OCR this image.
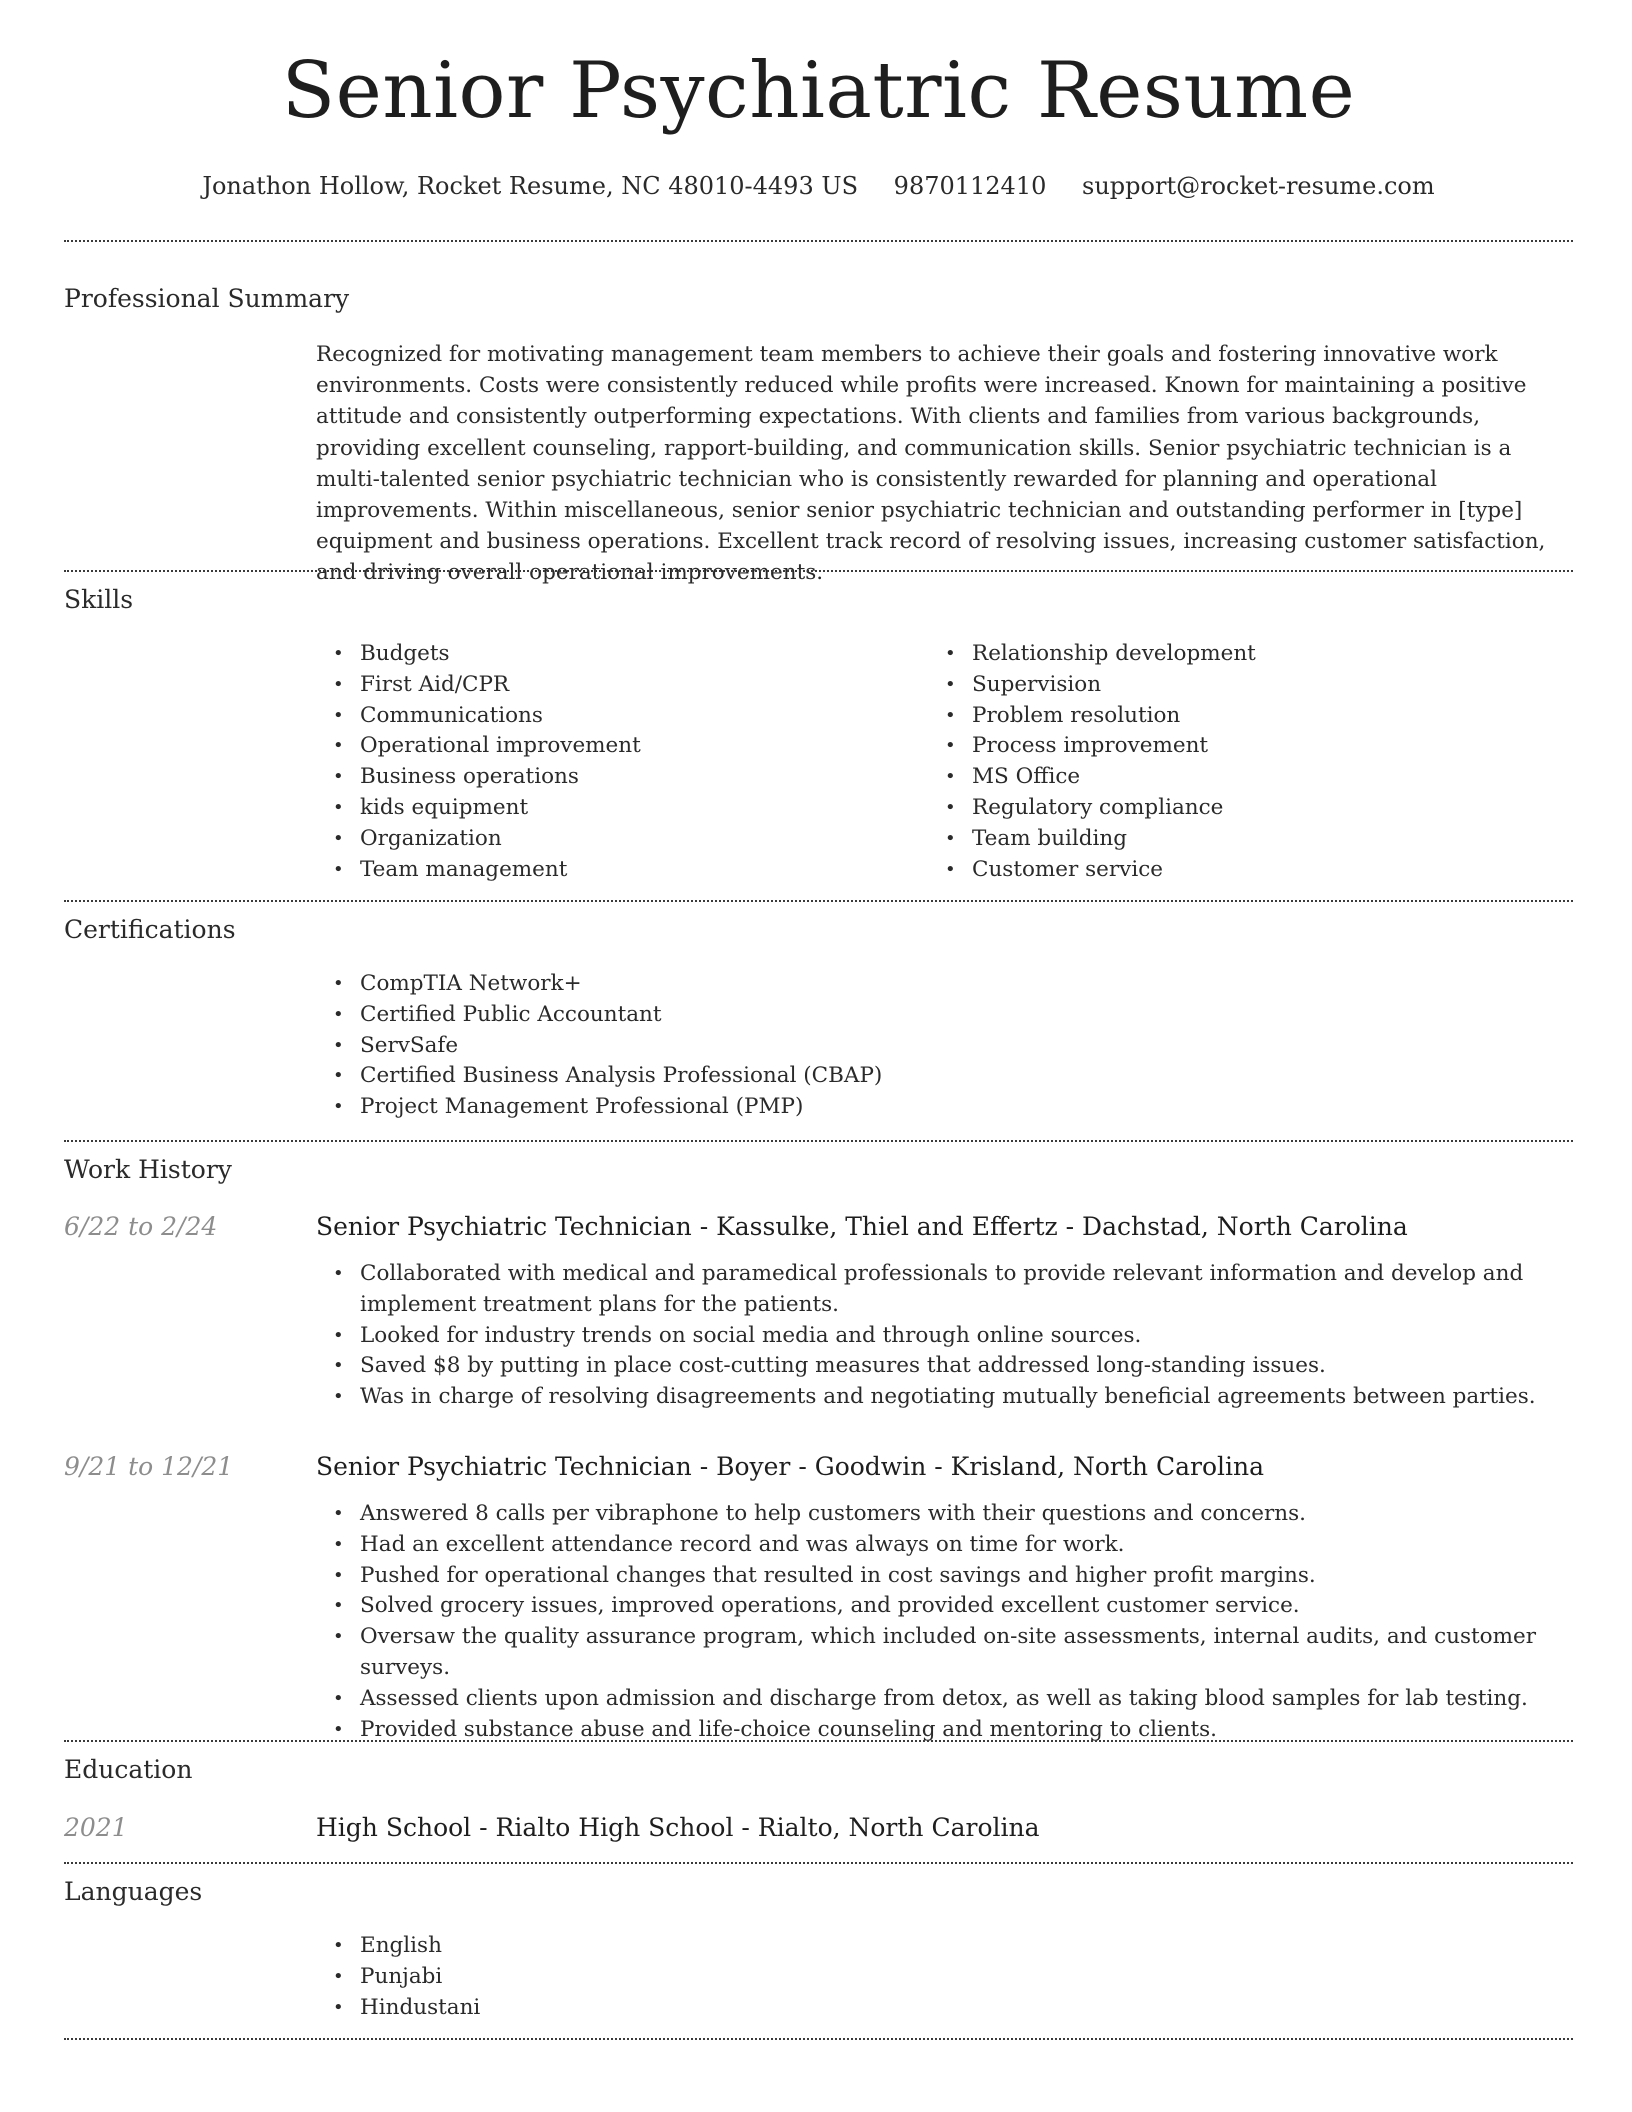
Senior Psychiatric Resume
Jonathon Hollow, Rocket Resume, NC 48010-4493 US 9870112410 support@rocket-resume.com
Professional Summary
Recognized for motivating management team members to achieve their goals and fostering innovative work environments. Costs were consistently reduced while profits were increased. Known for maintaining a positive attitude and consistently outperforming expectations. With clients and families from various backgrounds, providing excellent counseling, rapport-building, and communication skills. Senior psychiatric technician is a multi-talented senior psychiatric technician who is consistently rewarded for planning and operational improvements. Within miscellaneous, senior senior psychiatric technician and outstanding performer in [type] equipment and business operations. Excellent track record of resolving issues, increasing customer satisfaction, and driving overall operational improvements.
Skills
• Budgets
• First Aid/CPR
• Communications
• Operational improvement
• Business operations
• kids equipment
• Organization
• Team management
• Relationship development
• Supervision
• Problem resolution
• Process improvement
• MS Office
• Regulatory compliance
• Team building
• Customer service
Certifications
• CompTIA Network+
• Certified Public Accountant
• ServSafe
• Certified Business Analysis Professional (CBAP)
• Project Management Professional (PMP)
Work History
6/22 to 2/24	Senior Psychiatric Technician - Kassulke, Thiel and Effertz - Dachstad, North Carolina
• Collaborated with medical and paramedical professionals to provide relevant information and develop and implement treatment plans for the patients.
• Looked for industry trends on social media and through online sources.
• Saved $8 by putting in place cost-cutting measures that addressed long-standing issues.
• Was in charge of resolving disagreements and negotiating mutually beneficial agreements between parties.
9/21 to 12/21	Senior Psychiatric Technician - Boyer - Goodwin - Krisland, North Carolina
• Answered 8 calls per vibraphone to help customers with their questions and concerns.
• Had an excellent attendance record and was always on time for work.
• Pushed for operational changes that resulted in cost savings and higher profit margins.
• Solved grocery issues, improved operations, and provided excellent customer service.
• Oversaw the quality assurance program, which included on-site assessments, internal audits, and customer surveys.
• Assessed clients upon admission and discharge from detox, as well as taking blood samples for lab testing.
• Provided substance abuse and life-choice counseling and mentoring to clients.
Education
2021	High School - Rialto High School - Rialto, North Carolina
Languages
• English
• Punjabi
• Hindustani
